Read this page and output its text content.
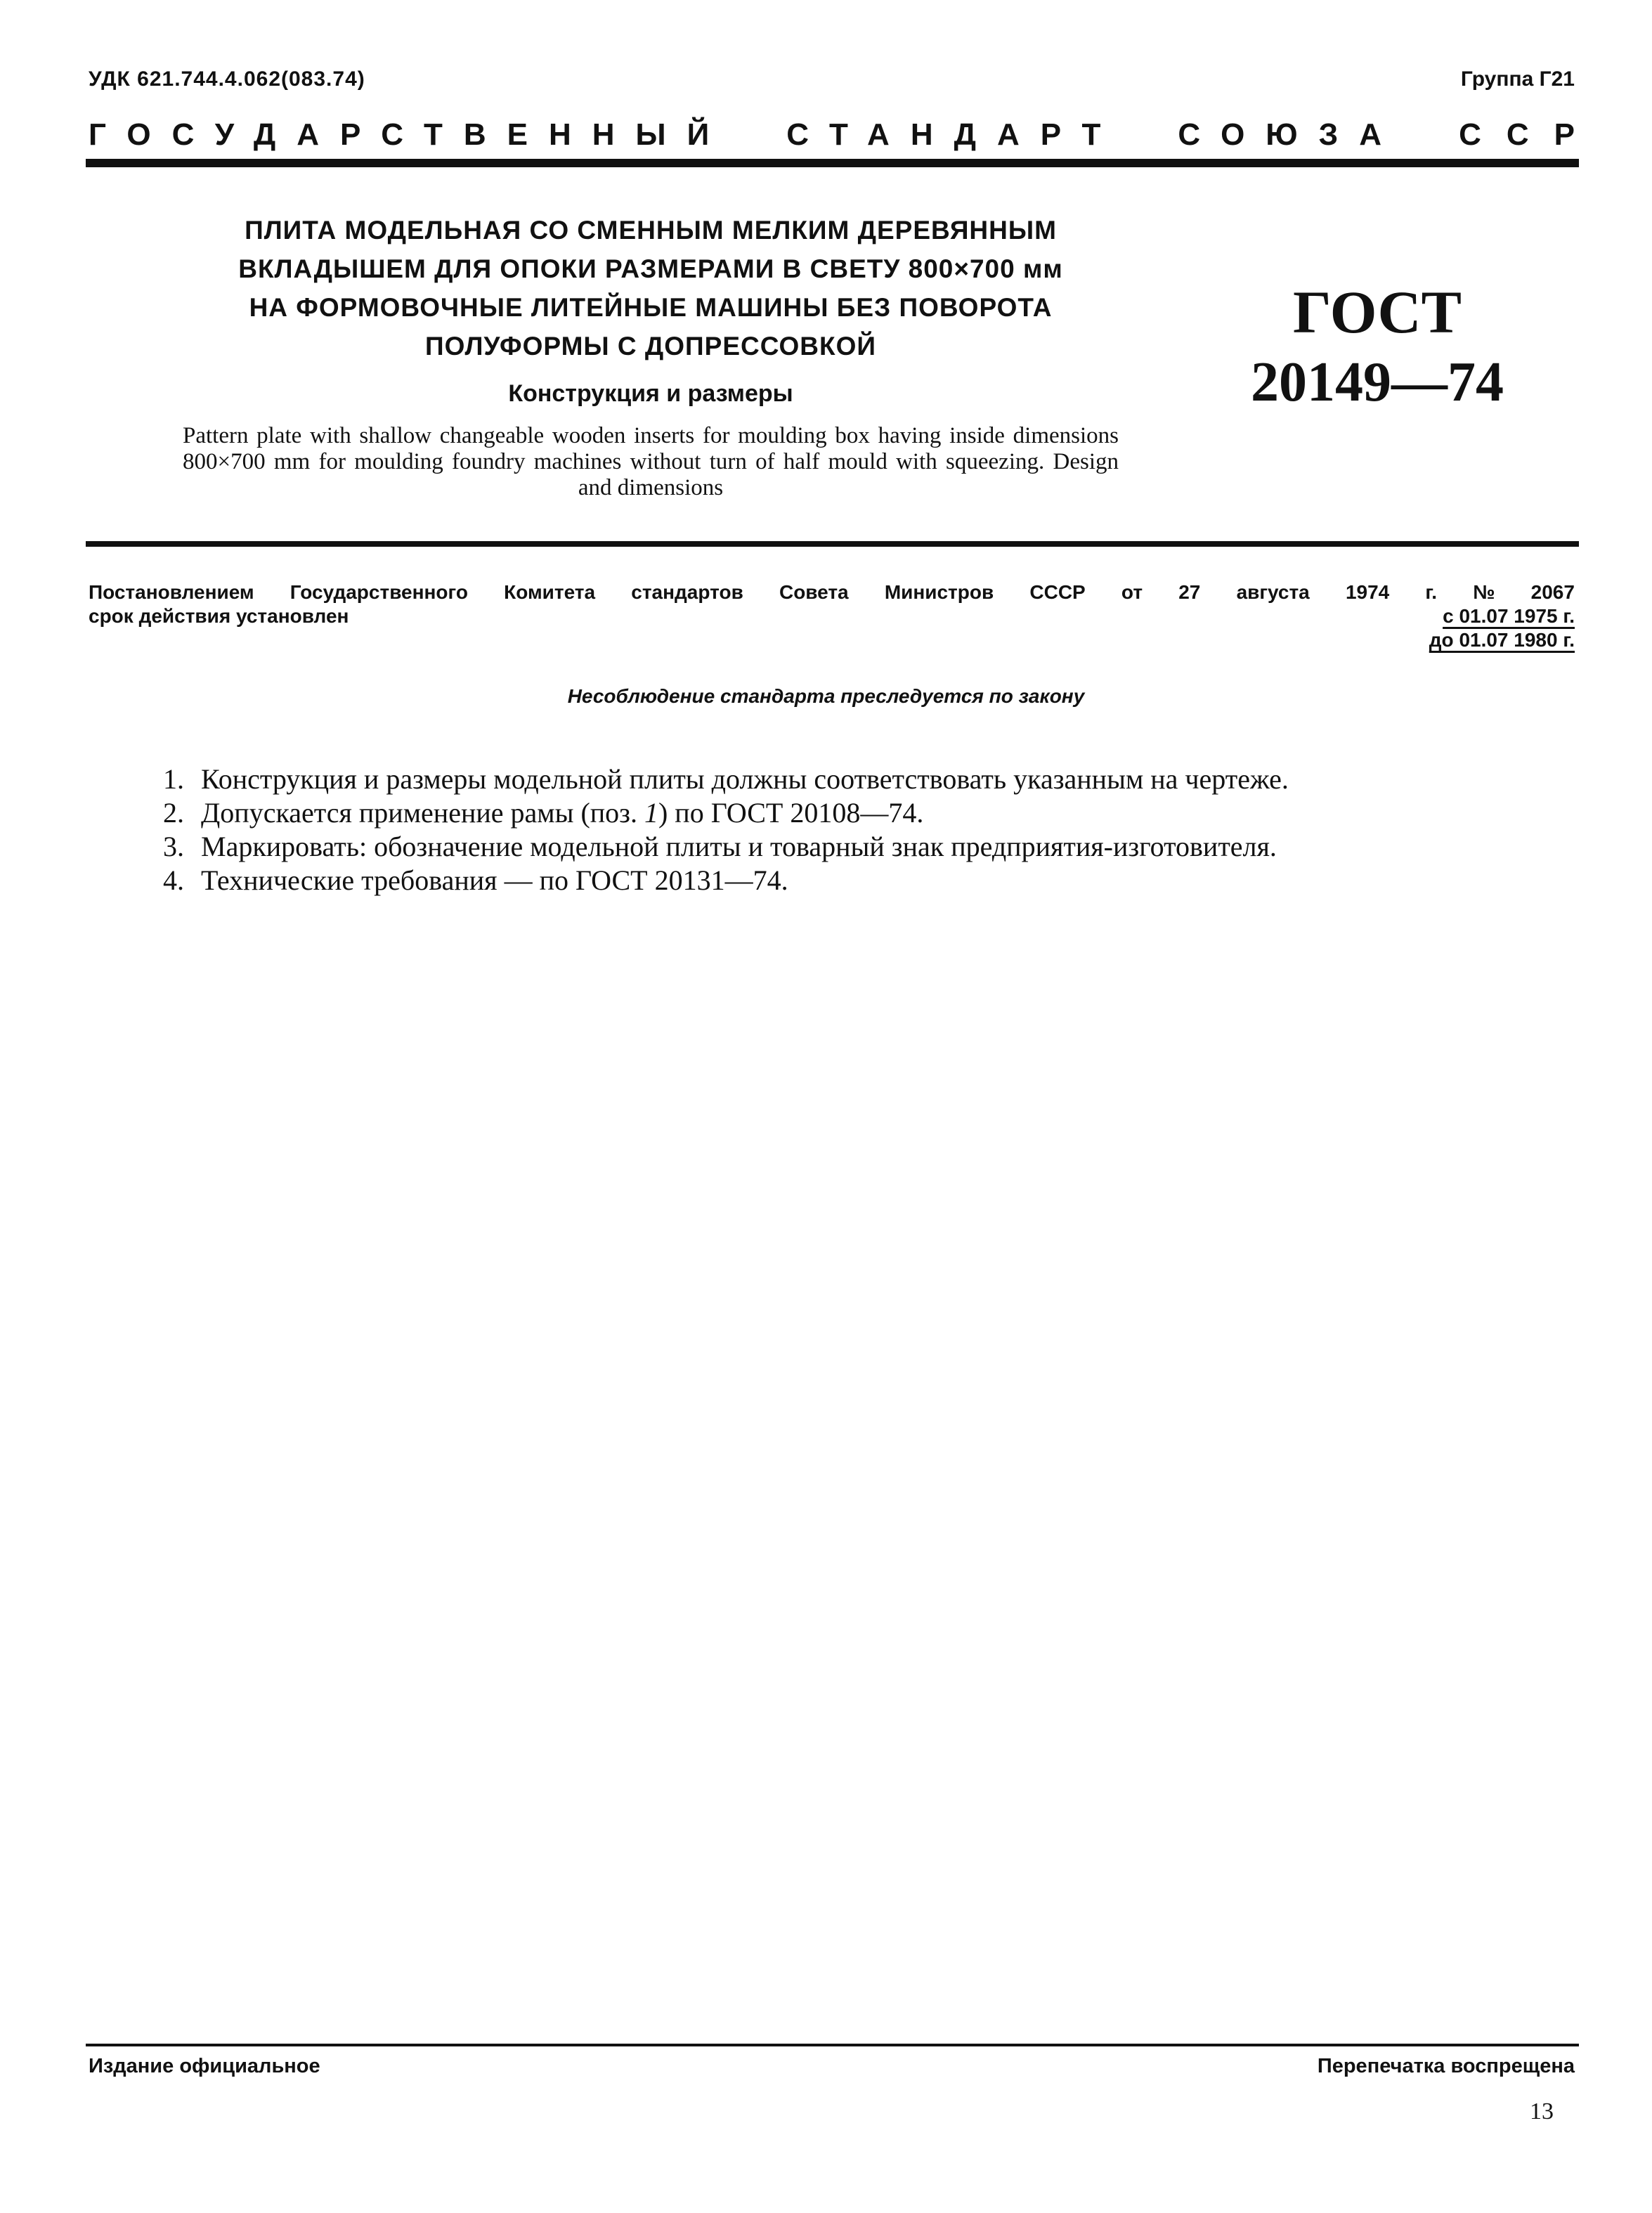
УДК 621.744.4.062(083.74)	Группа Г21
ГОСУДАРСТВЕННЫЙ СТАНДАРТ СОЮЗА ССР
ПЛИТА МОДЕЛЬНАЯ СО СМЕННЫМ МЕЛКИМ ДЕРЕВЯННЫМ
ВКЛАДЫШЕМ ДЛЯ ОПОКИ РАЗМЕРАМИ В СВЕТУ 800×700 мм
НА ФОРМОВОЧНЫЕ ЛИТЕЙНЫЕ МАШИНЫ БЕЗ ПОВОРОТА
ПОЛУФОРМЫ С ДОПРЕССОВКОЙ
Конструкция и размеры
Pattern plate with shallow changeable wooden inserts for moulding box having inside dimensions 800×700 mm for moulding foundry machines without turn of half mould with squeezing. Design and dimensions
ГОСТ
20149—74
Постановлением Государственного Комитета стандартов Совета Министров СССР от 27 августа 1974 г. № 2067
срок действия установлен	с 01.07 1975 г.
до 01.07 1980 г.
Несоблюдение стандарта преследуется по закону
1. Конструкция и размеры модельной плиты должны соответствовать указанным на чертеже.
2. Допускается применение рамы (поз. 1) по ГОСТ 20108—74.
3. Маркировать: обозначение модельной плиты и товарный знак предприятия-изготовителя.
4. Технические требования — по ГОСТ 20131—74.
Издание официальное	Перепечатка воспрещена
13
